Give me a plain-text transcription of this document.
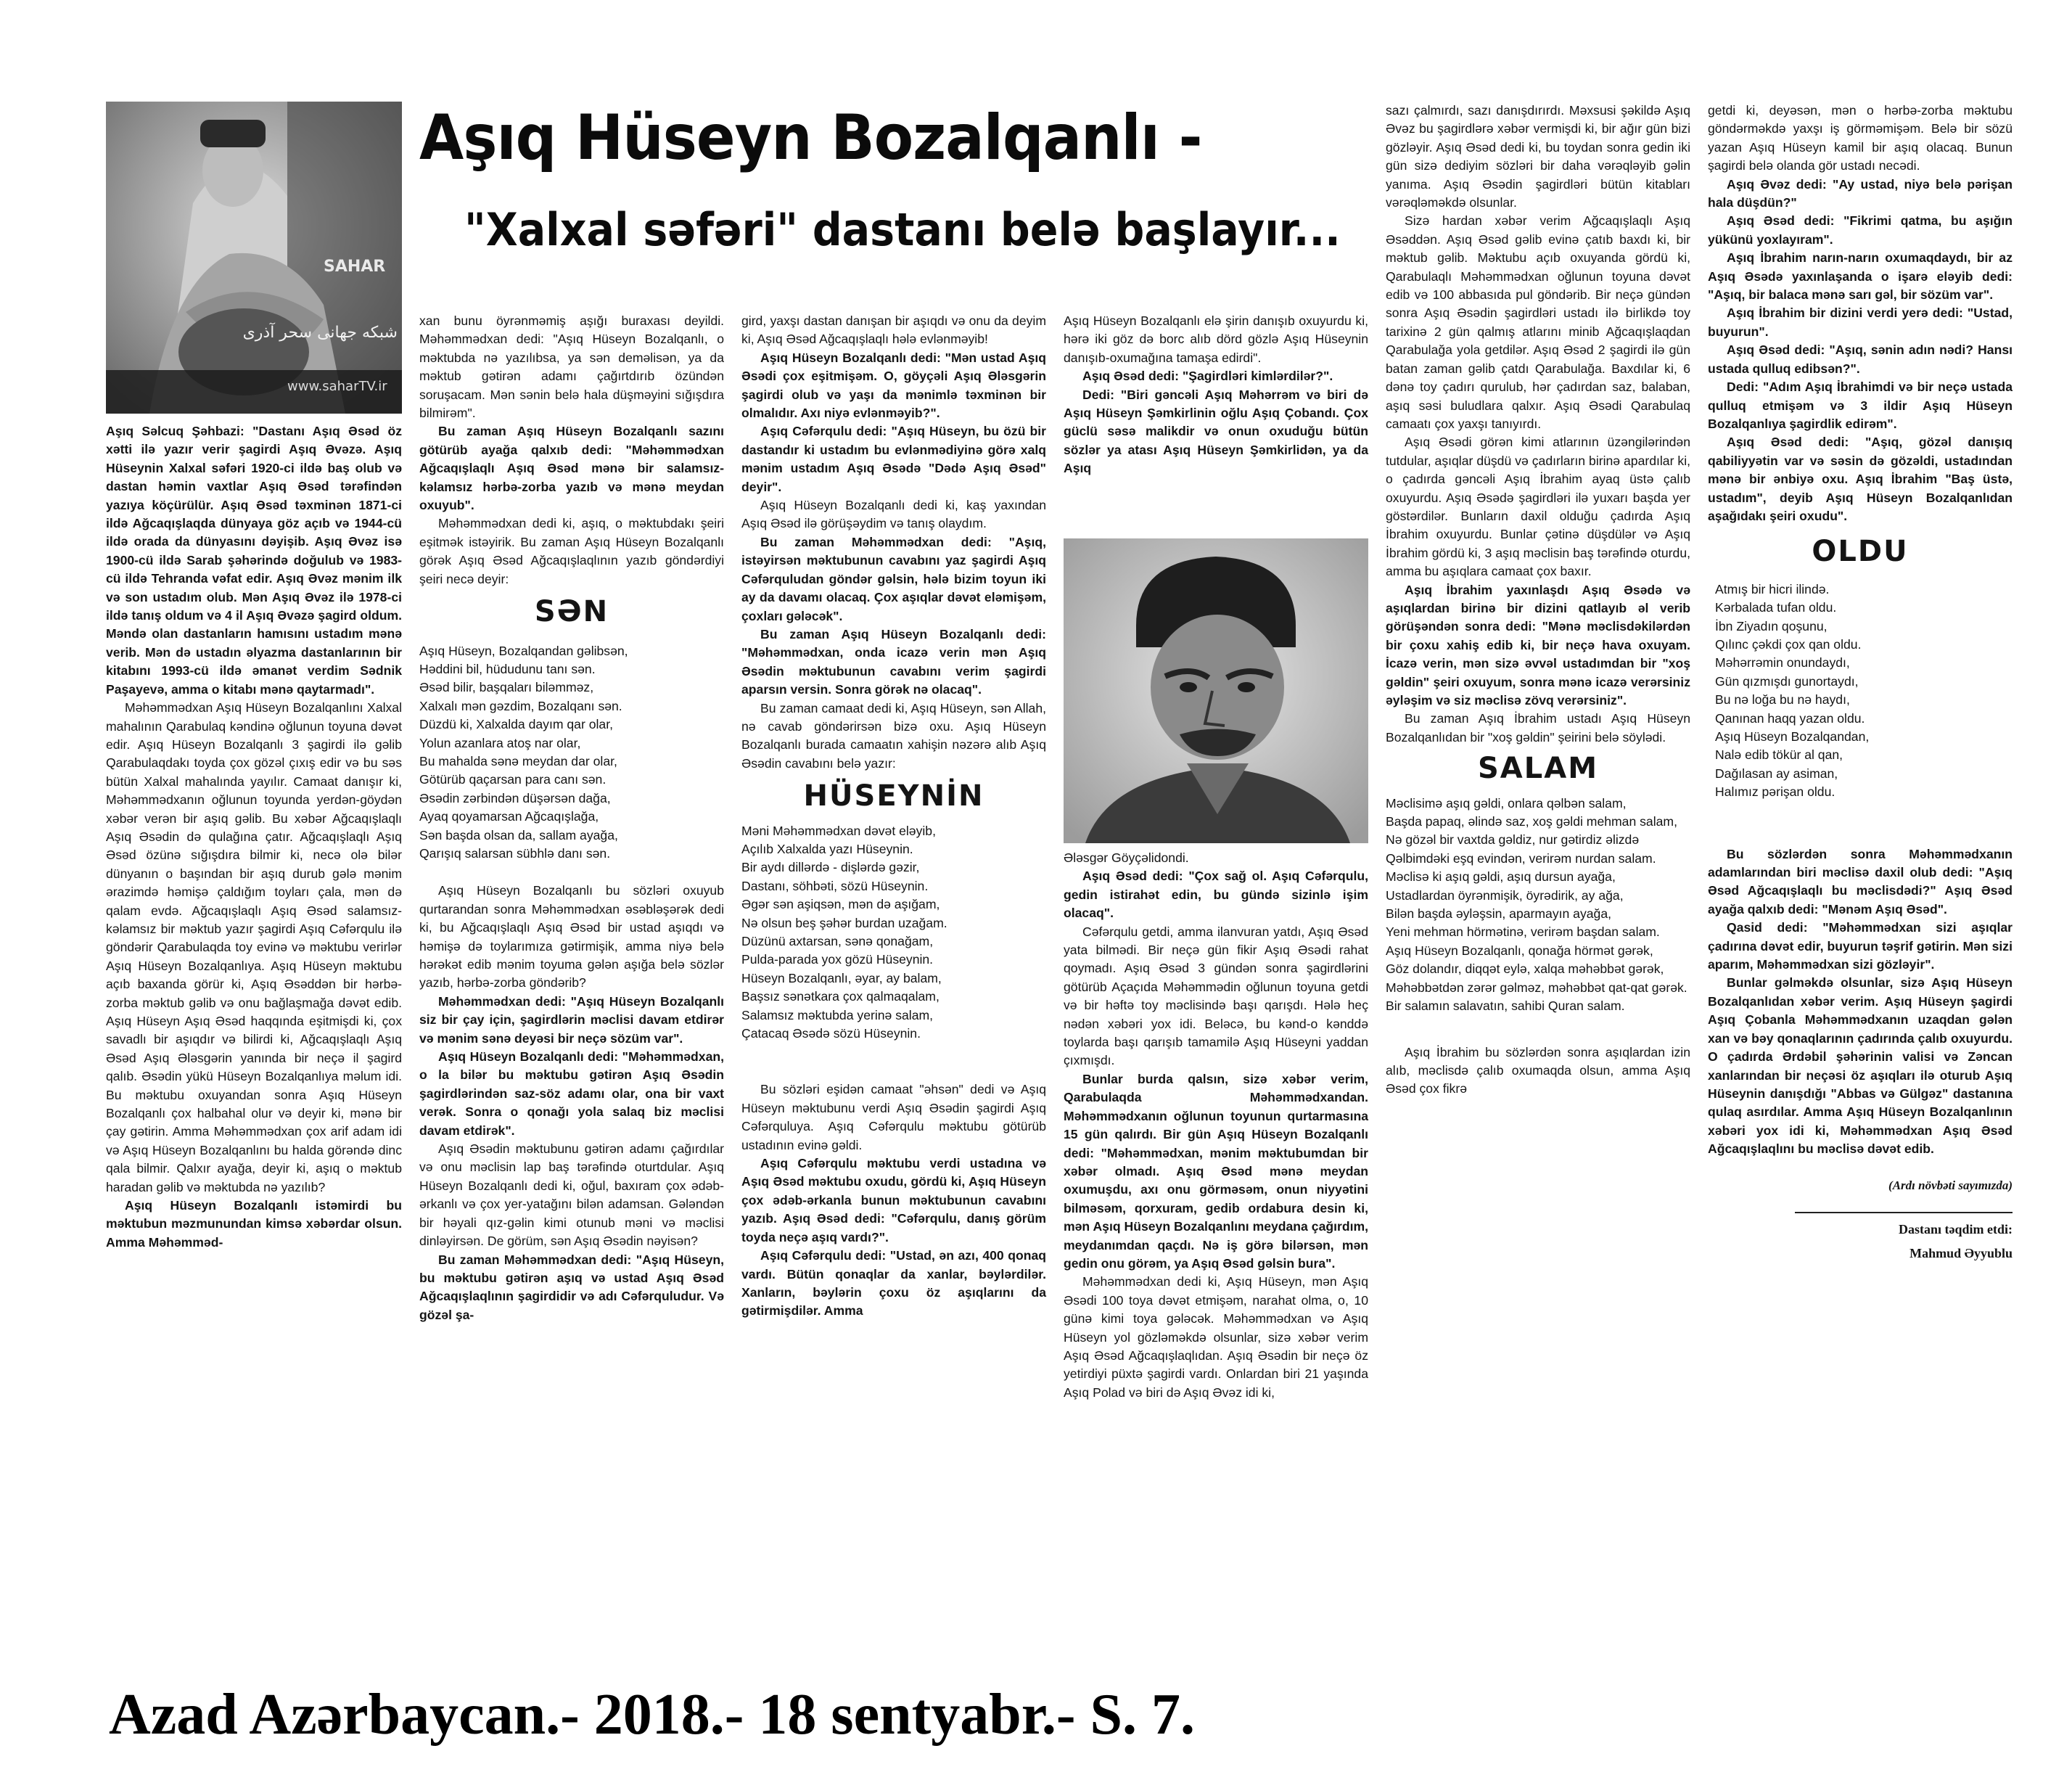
SAHAR
شبکه جهانی سحر آذری
www.saharTV.ir
Aşıq Hüseyn Bozalqanlı -
"Xalxal səfəri" dastanı belə başlayır...

Aşıq Səlcuq Şəhbazi: "Dastanı Aşıq Əsəd öz xətti ilə yazır verir şagirdi Aşıq Əvəzə. Aşıq Hüseynin Xalxal səfəri 1920-ci ildə baş olub və dastan həmin vaxtlar Aşıq Əsəd tərəfindən yazıya köçürülür. Aşıq Əsəd təxminən 1871-ci ildə Ağcaqışlaqda dünyaya göz açıb və 1944-cü ildə orada da dünyasını dəyişib. Aşıq Əvəz isə 1900-cü ildə Sarab şəhərində doğulub və 1983-cü ildə Tehranda vəfat edir. Aşıq Əvəz mənim ilk və son ustadım olub. Mən Aşıq Əvəz ilə 1978-ci ildə tanış oldum və 4 il Aşıq Əvəzə şagird oldum. Məndə olan dastanların hamısını ustadım mənə verib. Mən də ustadın əlyazma dastanlarının bir kitabını 1993-cü ildə əmanət verdim Sədnik Paşayevə, amma o kitabı mənə qaytarmadı".

Məhəmmədxan Aşıq Hüseyn Bozalqanlını Xalxal mahalının Qarabulaq kəndinə oğlunun toyuna dəvət edir. Aşıq Hüseyn Bozalqanlı 3 şagirdi ilə gəlib Qarabulaqdakı toyda çox gözəl çıxış edir və bu səs bütün Xalxal mahalında yayılır. Camaat danışır ki, Məhəmmədxanın oğlunun toyunda yerdən-göydən xəbər verən bir aşıq gəlib. Bu xəbər Ağcaqışlaqlı Aşıq Əsədin də qulağına çatır. Ağcaqışlaqlı Aşıq Əsəd özünə sığışdıra bilmir ki, necə olə bilər dünyanın o başından bir aşıq durub gələ mənim ərazimdə həmişə çaldığım toyları çala, mən də qalam evdə. Ağcaqışlaqlı Aşıq Əsəd salamsız-kəlamsız bir məktub yazır şagirdi Aşıq Cəfərqulu ilə göndərir Qarabulaqda toy evinə və məktubu verirlər Aşıq Hüseyn Bozalqanlıya. Aşıq Hüseyn məktubu açıb baxanda görür ki, Aşıq Əsəddən bir hərbə-zorba məktub gəlib və onu bağlaşmağa dəvət edib. Aşıq Hüseyn Aşıq Əsəd haqqında eşitmişdi ki, çox savadlı bir aşıqdır və bilirdi ki, Ağcaqışlaqlı Aşıq Əsəd Aşıq Ələsgərin yanında bir neçə il şagird qalıb. Əsədin yükü Hüseyn Bozalqanlıya məlum idi. Bu məktubu oxuyandan sonra Aşıq Hüseyn Bozalqanlı çox halbahal olur və deyir ki, mənə bir çay gətirin. Amma Məhəmmədxan çox arif adam idi və Aşıq Hüseyn Bozalqanlını bu halda görəndə dinc qala bilmir. Qalxır ayağa, deyir ki, aşıq o məktub haradan gəlib və məktubda nə yazılıb?

Aşıq Hüseyn Bozalqanlı istəmirdi bu məktubun məzmunundan kimsə xəbərdar olsun. Amma Məhəmməd-

xan bunu öyrənməmiş aşığı buraxası deyildi. Məhəmmədxan dedi: "Aşıq Hüseyn Bozalqanlı, o məktubda nə yazılıbsa, ya sən deməlisən, ya da məktub gətirən adamı çağırtdırıb özündən soruşacam. Mən sənin belə hala düşməyini sığışdıra bilmirəm".

Bu zaman Aşıq Hüseyn Bozalqanlı sazını götürüb ayağa qalxıb dedi: "Məhəmmədxan Ağcaqışlaqlı Aşıq Əsəd mənə bir salamsız-kəlamsız hərbə-zorba yazıb və mənə meydan oxuyub".

Məhəmmədxan dedi ki, aşıq, o məktubdakı şeiri eşitmək istəyirik. Bu zaman Aşıq Hüseyn Bozalqanlı görək Aşıq Əsəd Ağcaqışlaqlının yazıb göndərdiyi şeiri necə deyir:

SƏN
Aşıq Hüseyn, Bozalqandan gəlibsən,
Həddini bil, hüdudunu tanı sən.
Əsəd bilir, başqaları biləmməz,
Xalxalı mən gəzdim, Bozalqanı sən.
Düzdü ki, Xalxalda dayım qar olar,
Yolun azanlara atoş nar olar,
Bu mahalda sənə meydan dar olar,
Götürüb qaçarsan para canı sən.
Əsədin zərbindən düşərsən dağa,
Ayaq qoyamarsan Ağcaqışlağa,
Sən başda olsan da, sallam ayağa,
Qarışıq salarsan sübhlə danı sən.

Aşıq Hüseyn Bozalqanlı bu sözləri oxuyub qurtarandan sonra Məhəmmədxan əsəbləşərək dedi ki, bu Ağcaqışlaqlı Aşıq Əsəd bir ustad aşıqdı və həmişə də toylarımıza gətirmişik, amma niyə belə hərəkət edib mənim toyuma gələn aşığa belə sözlər yazıb, hərbə-zorba göndərib?

Məhəmmədxan dedi: "Aşıq Hüseyn Bozalqanlı siz bir çay için, şagirdlərin məclisi davam etdirər və mənim sənə deyəsi bir neçə sözüm var".

Aşıq Hüseyn Bozalqanlı dedi: "Məhəmmədxan, o la bilər bu məktubu gətirən Aşıq Əsədin şagirdlərindən saz-söz adamı olar, ona bir vaxt verək. Sonra o qonağı yola salaq biz məclisi davam etdirək".

Aşıq Əsədin məktubunu gətirən adamı çağırdılar və onu məclisin lap baş tərəfində oturtdular. Aşıq Hüseyn Bozalqanlı dedi ki, oğul, baxıram çox ədəb-ərkanlı və çox yer-yatağını bilən adamsan. Gələndən bir həyali qız-gəlin kimi otunub məni və məclisi dinləyirsən. De görüm, sən Aşıq Əsədin nəyisən?

Bu zaman Məhəmmədxan dedi: "Aşıq Hüseyn, bu məktubu gətirən aşıq və ustad Aşıq Əsəd Ağcaqışlaqlının şagirdidir və adı Cəfərquludur. Və gözəl şa-

gird, yaxşı dastan danışan bir aşıqdı və onu da deyim ki, Aşıq Əsəd Ağcaqışlaqlı hələ evlənməyib!

Aşıq Hüseyn Bozalqanlı dedi: "Mən ustad Aşıq Əsədi çox eşitmişəm. O, göyçəli Aşıq Ələsgərin şagirdi olub və yaşı da mənimlə təxminən bir olmalıdır. Axı niyə evlənməyib?".

Aşıq Cəfərqulu dedi: "Aşıq Hüseyn, bu özü bir dastandır ki ustadım bu evlənmədiyinə görə xalq mənim ustadım Aşıq Əsədə "Dədə Aşıq Əsəd" deyir".

Aşıq Hüseyn Bozalqanlı dedi ki, kaş yaxından Aşıq Əsəd ilə görüşəydim və tanış olaydım.

Bu zaman Məhəmmədxan dedi: "Aşıq, istəyirsən məktubunun cavabını yaz şagirdi Aşıq Cəfərquludan göndər gəlsin, hələ bizim toyun iki ay da davamı olacaq. Çox aşıqlar dəvət eləmişəm, çoxları gələcək".

Bu zaman Aşıq Hüseyn Bozalqanlı dedi: "Məhəmmədxan, onda icazə verin mən Aşıq Əsədin məktubunun cavabını verim şagirdi aparsın versin. Sonra görək nə olacaq".

Bu zaman camaat dedi ki, Aşıq Hüseyn, sən Allah, nə cavab göndərirsən bizə oxu. Aşıq Hüseyn Bozalqanlı burada camaatın xahişin nəzərə alıb Aşıq Əsədin cavabını belə yazır:

HÜSEYNİN
Məni Məhəmmədxan dəvət eləyib,
Açılıb Xalxalda yazı Hüseynin.
Bir aydı dillərdə - dişlərdə gəzir,
Dastanı, söhbəti, sözü Hüseynin.
Əgər sən aşiqsən, mən də aşığam,
Nə olsun beş şəhər burdan uzağam.
Düzünü axtarsan, sənə qonağam,
Pulda-parada yox gözü Hüseynin.
Hüseyn Bozalqanlı, əyar, ay balam,
Başsız sənətkara çox qalmaqalam,
Salamsız məktubda yerinə salam,
Çatacaq Əsədə sözü Hüseynin.

Bu sözləri eşidən camaat "əhsən" dedi və Aşıq Hüseyn məktubunu verdi Aşıq Əsədin şagirdi Aşıq Cəfərquluya. Aşıq Cəfərqulu məktubu götürüb ustadının evinə gəldi.

Aşıq Cəfərqulu məktubu verdi ustadına və Aşıq Əsəd məktubu oxudu, gördü ki, Aşıq Hüseyn çox ədəb-ərkanla bunun məktubunun cavabını yazıb. Aşıq Əsəd dedi: "Cəfərqulu, danış görüm toyda neçə aşıq vardı?".

Aşıq Cəfərqulu dedi: "Ustad, ən azı, 400 qonaq vardı. Bütün qonaqlar da xanlar, bəylərdilər. Xanların, bəylərin çoxu öz aşıqlarını da gətirmişdilər. Amma

Aşıq Hüseyn Bozalqanlı elə şirin danışıb oxuyurdu ki, hərə iki göz də borc alıb dörd gözlə Aşıq Hüseynin danışıb-oxumağına tamaşa edirdi".

Aşıq Əsəd dedi: "Şagirdləri kimlərdilər?".

Dedi: "Biri gəncəli Aşıq Məhərrəm və biri də Aşıq Hüseyn Şəmkirlinin oğlu Aşıq Çobandı. Çox güclü səsə malikdir və onun oxuduğu bütün sözlər ya atası Aşıq Hüseyn Şəmkirlidən, ya da Aşıq

Ələsgər Göyçəlidondi.

Aşıq Əsəd dedi: "Çox sağ ol. Aşıq Cəfərqulu, gedin istirahət edin, bu gündə sizinlə işim olacaq".

Cəfərqulu getdi, amma ilanvuran yatdı, Aşıq Əsəd yata bilmədi. Bir neçə gün fikir Aşıq Əsədi rahat qoymadı. Aşıq Əsəd 3 gündən sonra şagirdlərini götürüb Açaçıda Məhəmmədin oğlunun toyuna getdi və bir həftə toy məclisində başı qarışdı. Hələ heç nədən xəbəri yox idi. Beləcə, bu kənd-o kənddə toylarda başı qarışıb tamamilə Aşıq Hüseyni yaddan çıxmışdı.

Bunlar burda qalsın, sizə xəbər verim, Qarabulaqda Məhəmmədxandan. Məhəmmədxanın oğlunun toyunun qurtarmasına 15 gün qalırdı. Bir gün Aşıq Hüseyn Bozalqanlı dedi: "Məhəmmədxan, mənim məktubumdan bir xəbər olmadı. Aşıq Əsəd mənə meydan oxumuşdu, axı onu görməsəm, onun niyyətini bilməsəm, qorxuram, gedib ordabura desin ki, mən Aşıq Hüseyn Bozalqanlını meydana çağırdım, meydanımdan qaçdı. Nə iş görə bilərsən, mən gedin onu görəm, ya Aşıq Əsəd gəlsin bura".

Məhəmmədxan dedi ki, Aşıq Hüseyn, mən Aşıq Əsədi 100 toya dəvət etmişəm, narahat olma, o, 10 günə kimi toya gələcək. Məhəmmədxan və Aşıq Hüseyn yol gözləməkdə olsunlar, sizə xəbər verim Aşıq Əsəd Ağcaqışlaqlıdan. Aşıq Əsədin bir neçə öz yetirdiyi püxtə şagirdi vardı. Onlardan biri 21 yaşında Aşıq Polad və biri də Aşıq Əvəz idi ki,

sazı çalmırdı, sazı danışdırırdı. Məxsusi şəkildə Aşıq Əvəz bu şagirdlərə xəbər vermişdi ki, bir ağır gün bizi gözləyir. Aşıq Əsəd dedi ki, bu toydan sonra gedin iki gün sizə dediyim sözləri bir daha vərəqləyib gəlin yanıma. Aşıq Əsədin şagirdləri bütün kitabları vərəqləməkdə olsunlar.

Sizə hardan xəbər verim Ağcaqışlaqlı Aşıq Əsəddən. Aşıq Əsəd gəlib evinə çatıb baxdı ki, bir məktub gəlib. Məktubu açıb oxuyanda gördü ki, Qarabulaqlı Məhəmmədxan oğlunun toyuna dəvət edib və 100 abbasıda pul göndərib. Bir neçə gündən sonra Aşıq Əsədin şagirdləri ustadı ilə birlikdə toy tarixinə 2 gün qalmış atlarını minib Ağcaqışlaqdan Qarabulağa yola getdilər. Aşıq Əsəd 2 şagirdi ilə gün batan zaman gəlib çatdı Qarabulağa. Baxdılar ki, 6 dənə toy çadırı qurulub, hər çadırdan saz, balaban, aşıq səsi buludlara qalxır. Aşıq Əsədi Qarabulaq camaatı çox yaxşı tanıyırdı.

Aşıq Əsədi görən kimi atlarının üzəngilərindən tutdular, aşıqlar düşdü və çadırların birinə apardılar ki, o çadırda gəncəli Aşıq İbrahim ayaq üstə çalıb oxuyurdu. Aşıq Əsədə şagirdləri ilə yuxarı başda yer göstərdilər. Bunların daxil olduğu çadırda Aşıq İbrahim oxuyurdu. Bunlar çətinə düşdülər və Aşıq İbrahim gördü ki, 3 aşıq məclisin baş tərəfində oturdu, amma bu aşıqlara camaat çox baxır.

Aşıq İbrahim yaxınlaşdı Aşıq Əsədə və aşıqlardan birinə bir dizini qatlayıb əl verib görüşəndən sonra dedi: "Mənə məclisdəkilərdən bir çoxu xahiş edib ki, bir neçə hava oxuyam. İcazə verin, mən sizə əvvəl ustadımdan bir "xoş gəldin" şeiri oxuyum, sonra mənə icazə verərsiniz əyləşim və siz məclisə zövq verərsiniz".

Bu zaman Aşıq İbrahim ustadı Aşıq Hüseyn Bozalqanlıdan bir "xoş gəldin" şeirini belə söylədi.

SALAM
Məclisimə aşıq gəldi, onlara qəlbən salam,
Başda papaq, əlində saz, xoş gəldi mehman salam,
Nə gözəl bir vaxtda gəldiz, nur gətirdiz əlizdə
Qəlbimdəki eşq evindən, verirəm nurdan salam.
Məclisə ki aşıq gəldi, aşıq dursun ayağa,
Ustadlardan öyrənmişik, öyrədirik, ay ağa,
Bilən başda əyləşsin, aparmayın ayağa,
Yeni mehman hörmətinə, verirəm başdan salam.
Aşıq Hüseyn Bozalqanlı, qonağa hörmət gərək,
Göz dolandır, diqqət eylə, xalqa məhəbbət gərək,
Məhəbbətdən zərər gəlməz, məhəbbət qat-qat gərək.
Bir salamın salavatın, sahibi Quran salam.

Aşıq İbrahim bu sözlərdən sonra aşıqlardan izin alıb, məclisdə çalıb oxumaqda olsun, amma Aşıq Əsəd çox fikrə

getdi ki, deyəsən, mən o hərbə-zorba məktubu göndərməkdə yaxşı iş görməmişəm. Belə bir sözü yazan Aşıq Hüseyn kamil bir aşıq olacaq. Bunun şagirdi belə olanda gör ustadı necədi.

Aşıq Əvəz dedi: "Ay ustad, niyə belə pərişan hala düşdün?"

Aşıq Əsəd dedi: "Fikrimi qatma, bu aşığın yükünü yoxlayıram".

Aşıq İbrahim narın-narın oxumaqdaydı, bir az Aşıq Əsədə yaxınlaşanda o işarə eləyib dedi: "Aşıq, bir balaca mənə sarı gəl, bir sözüm var".

Aşıq İbrahim bir dizini verdi yerə dedi: "Ustad, buyurun".

Aşıq Əsəd dedi: "Aşıq, sənin adın nədi? Hansı ustada qulluq edibsən?".

Dedi: "Adım Aşıq İbrahimdi və bir neçə ustada qulluq etmişəm və 3 ildir Aşıq Hüseyn Bozalqanlıya şagirdlik edirəm".

Aşıq Əsəd dedi: "Aşıq, gözəl danışıq qabiliyyətin var və səsin də gözəldi, ustadından mənə bir ənbiyə oxu. Aşıq İbrahim "Baş üstə, ustadım", deyib Aşıq Hüseyn Bozalqanlıdan aşağıdakı şeiri oxudu".

OLDU
Atmış bir hicri ilində.
Kərbalada tufan oldu.
İbn Ziyadın qoşunu,
Qılınc çəkdi çox qan oldu.
Məhərrəmin onundaydı,
Gün qızmışdı gunortaydı,
Bu nə loğa bu nə haydı,
Qanınan haqq yazan oldu.
Aşıq Hüseyn Bozalqandan,
Nalə edib tökür al qan,
Dağılasan ay asiman,
Halımız pərişan oldu.

Bu sözlərdən sonra Məhəmmədxanın adamlarından biri məclisə daxil olub dedi: "Aşıq Əsəd Ağcaqışlaqlı bu məclisdədi?" Aşıq Əsəd ayağa qalxıb dedi: "Mənəm Aşıq Əsəd".

Qasid dedi: "Məhəmmədxan sizi aşıqlar çadırına dəvət edir, buyurun təşrif gətirin. Mən sizi aparım, Məhəmmədxan sizi gözləyir".

Bunlar gəlməkdə olsunlar, sizə Aşıq Hüseyn Bozalqanlıdan xəbər verim. Aşıq Hüseyn şagirdi Aşıq Çobanla Məhəmmədxanın uzaqdan gələn xan və bəy qonaqlarının çadırında çalıb oxuyurdu. O çadırda Ərdəbil şəhərinin valisi və Zəncan xanlarından bir neçəsi öz aşıqları ilə oturub Aşıq Hüseynin danışdığı "Abbas və Gülgəz" dastanına qulaq asırdılar. Amma Aşıq Hüseyn Bozalqanlının xəbəri yox idi ki, Məhəmmədxan Aşıq Əsəd Ağcaqışlaqlını bu məclisə dəvət edib.

(Ardı növbəti sayımızda)
Dastanı təqdim etdi:
Mahmud Əyyublu
Azad Azərbaycan.- 2018.- 18 sentyabr.- S. 7.
